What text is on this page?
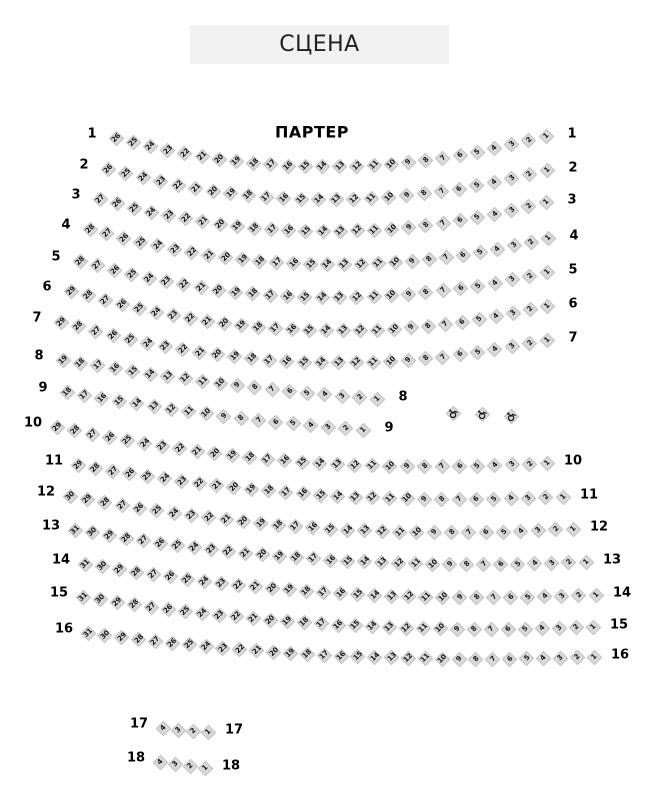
СЦЕНА
ПАРТЕР
26 25 24 23 22 21 20 19 18 17 16 15 14 13 12 11 10 9	8	7	6	5	4	3	2
1
1	1
26 25 24 23 22 21 20 19 18 17 16 15 14 13 12 11 10	9	8	7	6	5	4	3	2
1
2	2
27 26 25 24 23 22 21 20 19 18 17 16 15 14 13 12 11 10 9	8	7	6	5	4	3	2
1
3	3
28 27 26 25 24 23 22 21 20 19 18 17 16 15 14 13 12 11 10 9	8	7	6	5	4	3	2	1
4
4
28 27 26 25 24 23 22 21 20 19 18 17 16 15 14 13 12 11 10 9	8	7	6	5	4	3	2	1
5
5
29 28 27 26 25 24 23 22 21 20 19 18 17 16 15 14 13 12 11 10 9	8	7	6	5	4	3	2	1
6
6
29 28 27 26 25 24 23 22 21 20 19 18 17 16 15 14 13 12 11 10 9	8	7	6	5	4	3	2	1
7
7
19 18 17 16 15 14 13 12 11 10 9	8	7	6	5	4	3	2	1
8
8
18 17 16 15 14 13 12 11 10 9	8	7	6	5	4	3	2	1
9
9
29 28 27 26 25 24 23 22 21 20 19 18 17 16 15 14 13 12 11 10 9	8	7	6	5	4	3	2	1
10
10
29 28 27 26 25 24 23 22 21 20 19 18 17 16 15 14 13 12 11 10 9	8	7	6	5	4	3	2	1
11
11
30 29 28 27 26 25 24 23 22 21 20 19 18 17 16 15 14 13 12 11 10 9	8	7	6	5	4	3	2	1
12
12
31 30 29 28 27 26 25 24 23 22 21 20 19 18 17 16 15 14 13 12 11 10 9	8	7	6	5	4	3	2	1
13
13
31 30 29 28 27 26 25 24 23 22 21 20 19 18 17 16 15 14 13 12 11 10 9	8	7	6	5	4	3	2	1
14
14
31 30 29 28 27 26 25 24 23 22 21 20 19 18 17 16 15 14 13 12 11 10 9	8	7	6	5	4	3	2	1
15
15
31 30 29 28 27 26 25 24 23 22 21 20 19 18 17 16 15 14 13 12 11 10 9	8	7	6	5	4	3	2	1
16
16
4 3 2 1
17	17
4 3 2 1
18
18
